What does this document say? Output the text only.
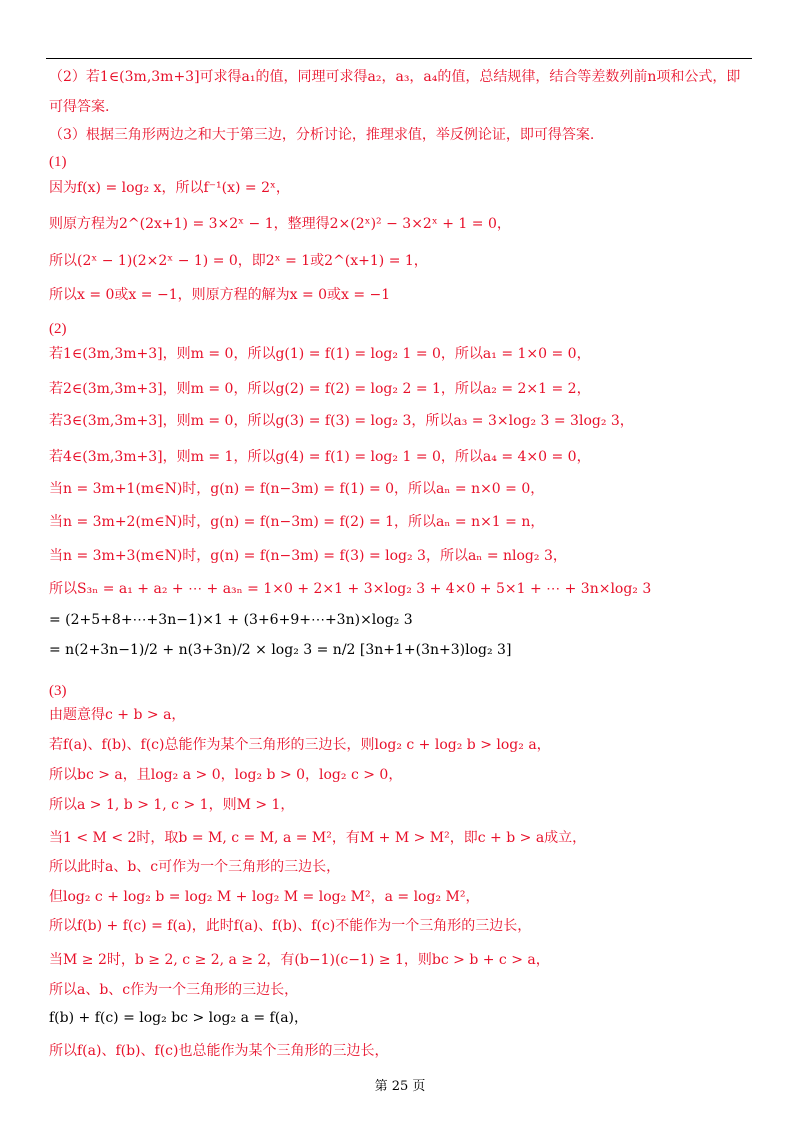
（2）若1∈(3m,3m+3]可求得a₁的值，同理可求得a₂，a₃，a₄的值，总结规律，结合等差数列前n项和公式，即
可得答案.
（3）根据三角形两边之和大于第三边，分析讨论，推理求值，举反例论证，即可得答案.
(1)
因为f(x) = log₂ x，所以f⁻¹(x) = 2ˣ，
则原方程为2^(2x+1) = 3×2ˣ − 1，整理得2×(2ˣ)² − 3×2ˣ + 1 = 0，
所以(2ˣ − 1)(2×2ˣ − 1) = 0，即2ˣ = 1或2^(x+1) = 1，
所以x = 0或x = −1，则原方程的解为x = 0或x = −1
(2)
若1∈(3m,3m+3]，则m = 0，所以g(1) = f(1) = log₂ 1 = 0，所以a₁ = 1×0 = 0，
若2∈(3m,3m+3]，则m = 0，所以g(2) = f(2) = log₂ 2 = 1，所以a₂ = 2×1 = 2，
若3∈(3m,3m+3]，则m = 0，所以g(3) = f(3) = log₂ 3，所以a₃ = 3×log₂ 3 = 3log₂ 3，
若4∈(3m,3m+3]，则m = 1，所以g(4) = f(1) = log₂ 1 = 0，所以a₄ = 4×0 = 0，
当n = 3m+1(m∈N)时，g(n) = f(n−3m) = f(1) = 0，所以aₙ = n×0 = 0，
当n = 3m+2(m∈N)时，g(n) = f(n−3m) = f(2) = 1，所以aₙ = n×1 = n，
当n = 3m+3(m∈N)时，g(n) = f(n−3m) = f(3) = log₂ 3，所以aₙ = nlog₂ 3，
所以S₃ₙ = a₁ + a₂ + ⋯ + a₃ₙ = 1×0 + 2×1 + 3×log₂ 3 + 4×0 + 5×1 + ⋯ + 3n×log₂ 3
= (2+5+8+⋯+3n−1)×1 + (3+6+9+⋯+3n)×log₂ 3
= n(2+3n−1)/2 + n(3+3n)/2 × log₂ 3 = n/2 [3n+1+(3n+3)log₂ 3]
(3)
由题意得c + b > a，
若f(a)、f(b)、f(c)总能作为某个三角形的三边长，则log₂ c + log₂ b > log₂ a，
所以bc > a，且log₂ a > 0，log₂ b > 0，log₂ c > 0，
所以a > 1, b > 1, c > 1，则M > 1，
当1 < M < 2时，取b = M, c = M, a = M²，有M + M > M²，即c + b > a成立，
所以此时a、b、c可作为一个三角形的三边长，
但log₂ c + log₂ b = log₂ M + log₂ M = log₂ M²，a = log₂ M²，
所以f(b) + f(c) = f(a)，此时f(a)、f(b)、f(c)不能作为一个三角形的三边长，
当M ≥ 2时，b ≥ 2, c ≥ 2, a ≥ 2，有(b−1)(c−1) ≥ 1，则bc > b + c > a，
所以a、b、c作为一个三角形的三边长，
f(b) + f(c) = log₂ bc > log₂ a = f(a)，
所以f(a)、f(b)、f(c)也总能作为某个三角形的三边长，
第 25 页
